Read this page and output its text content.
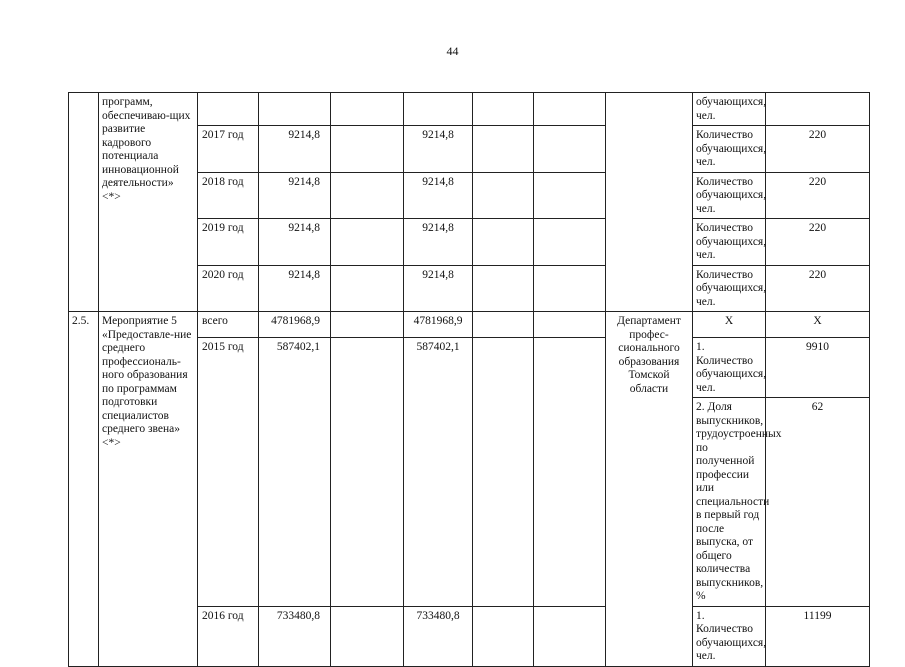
44
	программ, обеспечиваю-щих развитие кадрового потенциала инновационной деятельности» <*>								обучающихся, чел.	
		2017 год	9214,8		9214,8				Количество обучающихся, чел.	220
		2018 год	9214,8		9214,8				Количество обучающихся, чел.	220
		2019 год	9214,8		9214,8				Количество обучающихся, чел.	220
		2020 год	9214,8		9214,8				Количество обучающихся, чел.	220
2.5.	Мероприятие 5 «Предоставле-ние среднего профессиональ-ного образования по программам подготовки специалистов среднего звена» <*>	всего	4781968,9		4781968,9			Департамент профес-сионального образования Томской области	Х	Х
		2015 год	587402,1		587402,1				1. Количество обучающихся, чел.	9910
									2. Доля выпускников, трудоустроенных по полученной профессии или специальности в первый год после выпуска, от общего количества выпускников, %	62
		2016 год	733480,8		733480,8				1. Количество обучающихся, чел.	11199
